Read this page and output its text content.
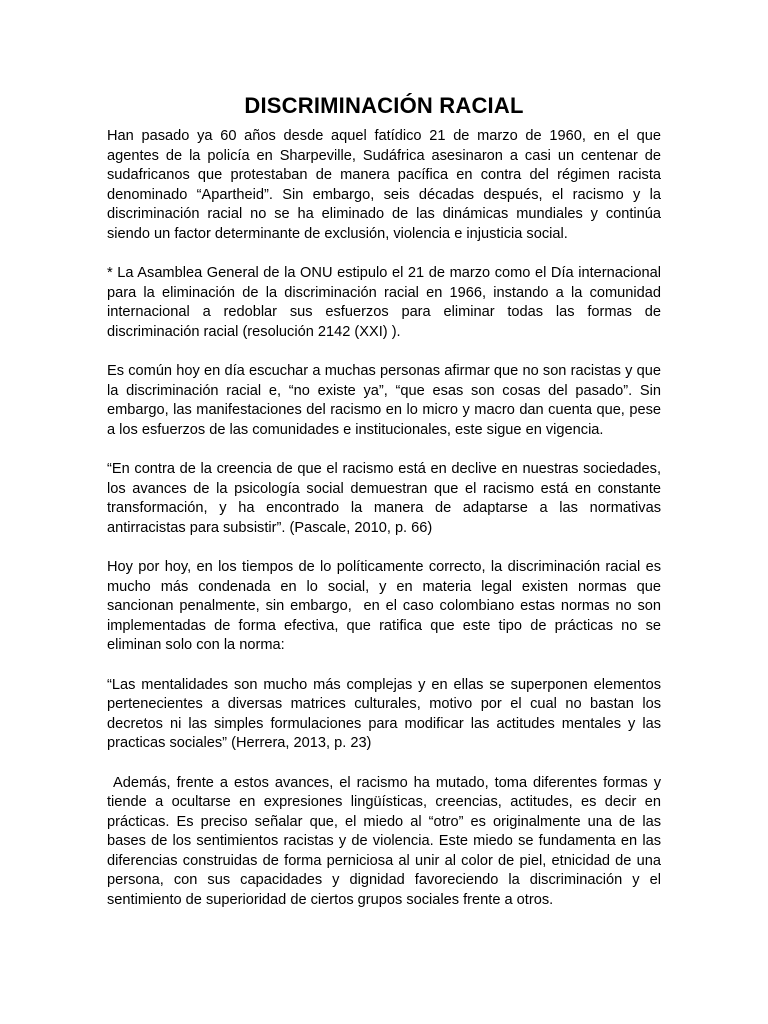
DISCRIMINACIÓN RACIAL

Han pasado ya 60 años desde aquel fatídico 21 de marzo de 1960, en el que agentes de la policía en Sharpeville, Sudáfrica asesinaron a casi un centenar de sudafricanos que protestaban de manera pacífica en contra del régimen racista denominado “Apartheid”. Sin embargo, seis décadas después, el racismo y la discriminación racial no se ha eliminado de las dinámicas mundiales y continúa siendo un factor determinante de exclusión, violencia e injusticia social.

* La Asamblea General de la ONU estipulo el 21 de marzo como el Día internacional para la eliminación de la discriminación racial en 1966, instando a la comunidad internacional a redoblar sus esfuerzos para eliminar todas las formas de discriminación racial (resolución 2142 (XXI) ).

Es común hoy en día escuchar a muchas personas afirmar que no son racistas y que la discriminación racial e, “no existe ya”, “que esas son cosas del pasado”. Sin embargo, las manifestaciones del racismo en lo micro y macro dan cuenta que, pese a los esfuerzos de las comunidades e institucionales, este sigue en vigencia.

“En contra de la creencia de que el racismo está en declive en nuestras sociedades, los avances de la psicología social demuestran que el racismo está en constante transformación, y ha encontrado la manera de adaptarse a las normativas antirracistas para subsistir”. (Pascale, 2010, p. 66)

Hoy por hoy, en los tiempos de lo políticamente correcto, la discriminación racial es mucho más condenada en lo social, y en materia legal existen normas que sancionan penalmente, sin embargo,  en el caso colombiano estas normas no son implementadas de forma efectiva, que ratifica que este tipo de prácticas no se eliminan solo con la norma:

“Las mentalidades son mucho más complejas y en ellas se superponen elementos pertenecientes a diversas matrices culturales, motivo por el cual no bastan los decretos ni las simples formulaciones para modificar las actitudes mentales y las practicas sociales” (Herrera, 2013, p. 23)

Además, frente a estos avances, el racismo ha mutado, toma diferentes formas y tiende a ocultarse en expresiones lingüísticas, creencias, actitudes, es decir en prácticas. Es preciso señalar que, el miedo al “otro” es originalmente una de las bases de los sentimientos racistas y de violencia. Este miedo se fundamenta en las diferencias construidas de forma perniciosa al unir al color de piel, etnicidad de una persona, con sus capacidades y dignidad favoreciendo la discriminación y el sentimiento de superioridad de ciertos grupos sociales frente a otros.
